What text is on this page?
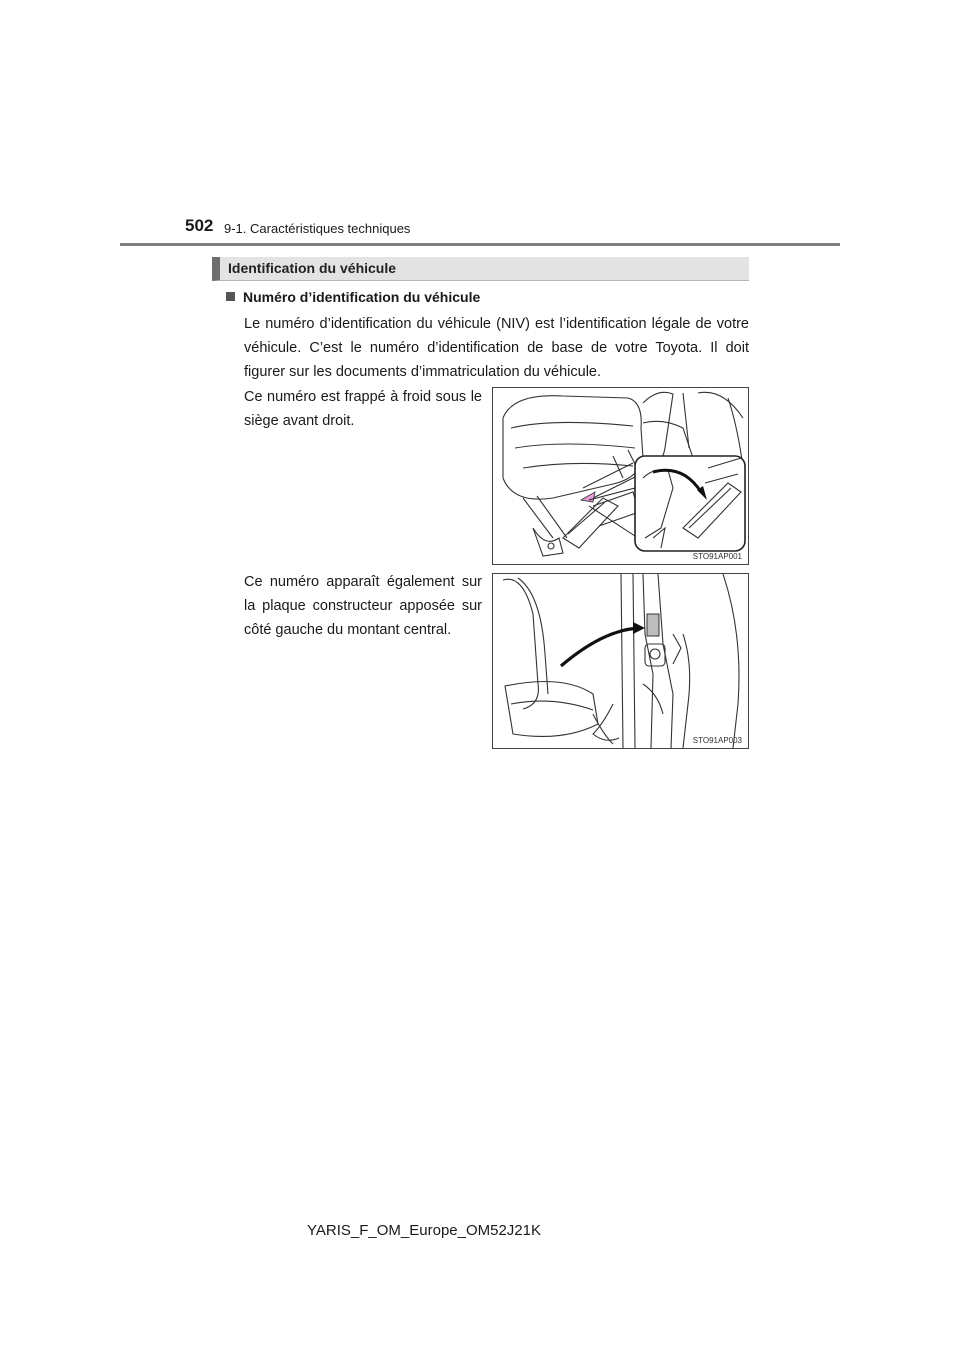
502 9-1. Caractéristiques techniques
Identification du véhicule
Numéro d’identification du véhicule
Le numéro d’identification du véhicule (NIV) est l’identification légale de votre véhicule. C’est le numéro d’identification de base de votre Toyota. Il doit figurer sur les documents d’immatriculation du véhicule.
Ce numéro est frappé à froid sous le siège avant droit.
STO91AP001
Ce numéro apparaît également sur la plaque constructeur apposée sur côté gauche du montant central.
STO91AP003
YARIS_F_OM_Europe_OM52J21K
